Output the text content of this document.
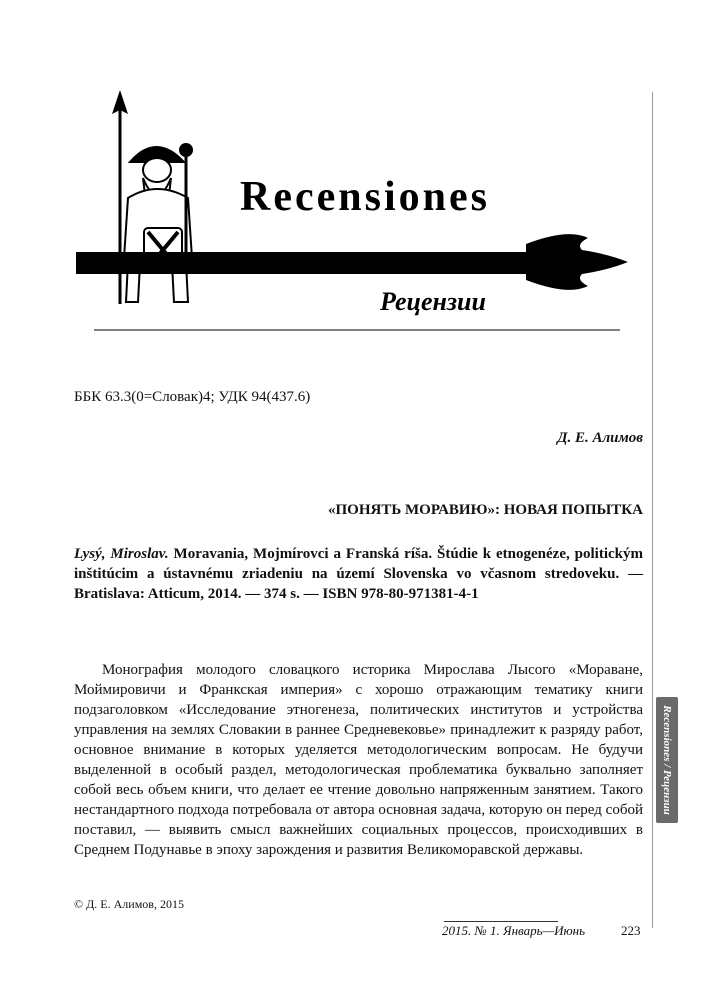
Recensiones
Рецензии
Recensiones / Рецензии
ББК 63.3(0=Словак)4; УДК 94(437.6)
Д. Е. Алимов
«ПОНЯТЬ МОРАВИЮ»: НОВАЯ ПОПЫТКА
Lysý, Miroslav. Moravania, Mojmírovci a Franská ríša. Štúdie k etnogenéze, politickým inštitúcim a ústavnému zriadeniu na území Slovenska vo včasnom stredoveku. — Bratislava: Atticum, 2014. — 374 s. — ISBN 978-80-971381-4-1

Монография молодого словацкого историка Мирослава Лысого «Моравaне, Моймировичи и Франкская империя» с хорошо отражающим тематику книги подзаголовком «Исследование этногенеза, политических институтов и устройства управления на землях Словакии в раннее Средневековье» принадлежит к разряду работ, основное внимание в которых уделяется методологическим вопросам. Не будучи выделенной в особый раздел, методологическая проблематика буквально заполняет собой весь объем книги, что делает ее чтение довольно напряженным занятием. Такого нестандартного подхода потребовала от автора основная задача, которую он перед собой поставил, — выявить смысл важнейших социальных процессов, происходивших в Среднем Подунавье в эпоху зарождения и развития Великоморавской державы.

© Д. Е. Алимов, 2015
2015. № 1. Январь—Июнь	223
